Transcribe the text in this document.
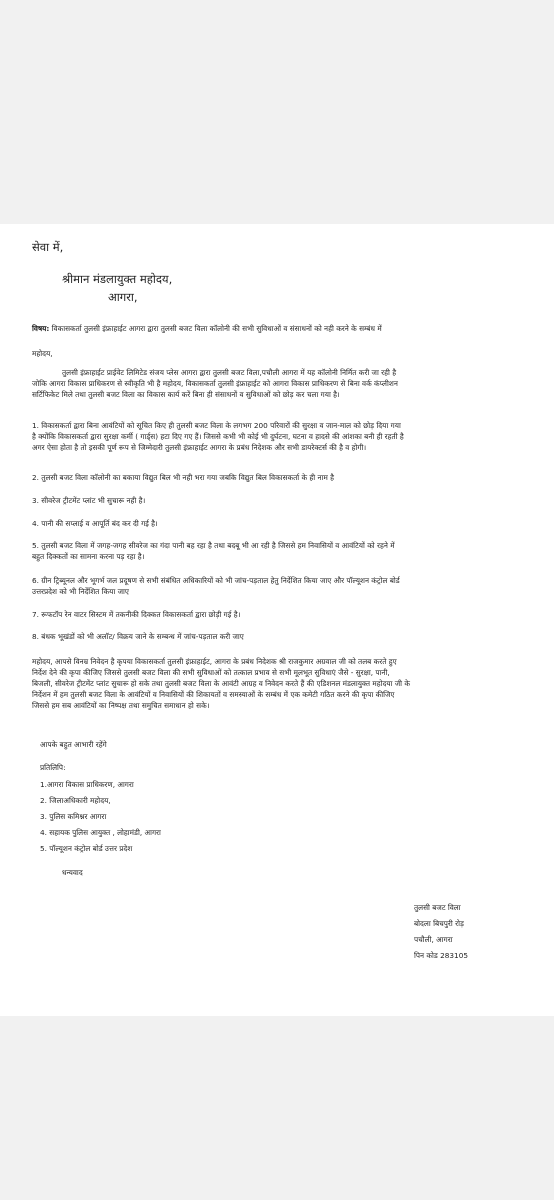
सेवा में,
श्रीमान मंडलायुक्त महोदय,
आगरा,
विषय: विकासकर्ता तुलसी इंफ्राहाईट आगरा द्वारा तुलसी बजट विला कॉलोनी की सभी सुविधाओं व संसाधनों को नही करने के सम्बंध में
महोदय,
तुलसी इंफ्राहाईट प्राईवेट लिमिटेड संजय प्लेस आगरा द्वारा तुलसी बजट विला,पचौली आगरा में यह कॉलोनी निर्मित करी जा रही है
जोकि आगरा विकास प्राधिकरण से स्वीकृति भी है महोदय, विकासकर्ता तुलसी इंफ्राहाईट को आगरा विकास प्राधिकरण से बिना वर्क कंप्लीशन
सर्टिफिकेट मिले तथा तुलसी बजट विला का विकास कार्य करें बिना ही संसाधनों व सुविधाओं को छोड़ कर चला गया है।
1. विकासकर्ता द्वारा बिना आवंटियों को सूचित किए ही तुलसी बजट विला के लगभग 200 परिवारों की सुरक्षा व जान-माल को छोड़ दिया गया
है क्योंकि विकासकर्ता द्वारा सुरक्षा कर्मी ( गार्ड्स) हटा दिए गए हैं। जिससे कभी भी कोई भी दुर्घटना, घटना व हादसे की आंशका बनी ही रहती है
अगर ऐसा होता है तो इसकी पूर्ण रूप से जिम्मेदारी तुलसी इंफ्राहाईट आगरा के प्रबंध निदेशक और सभी डायरेक्टर्स की है व होगी।
2. तुलसी बजट विला कॉलोनी का बकाया विद्युत बिल भी नही भरा गया जबकि विद्युत बिल विकासकर्ता के ही नाम है
3. सीवरेज ट्रीटमेंट प्लांट भी सुचारू नही है।
4. पानी की सप्लाई व आपूर्ति बंद कर दी गई है।
5. तुलसी बजट विला में जगह-जगह सीवरेज का गंदा पानी बह रहा है तथा बदबू भी आ रही है जिससे हम निवासियों व आवंटियों को रहने में
बहुत दिक्कतों का सामना करना पड़ रहा है।
6. ग्रीन ट्रिब्यूनल और भूगर्भ जल प्रदूषण से सभी संबंधित अधिकारियों को भी जांच-पड़ताल हेतु निर्देशित किया जाए और पॉल्यूशन कंट्रोल बोर्ड
उत्तरप्रदेश को भी निर्देशित किया जाए
7. रूफटॉप रेन वाटर सिस्टम में तकनीकी दिक्कत विकासकर्ता द्वारा छोड़ी गई है।
8. बंधक भूखंडों को भी अलॉट/ विक्रय जाने के सम्बन्ध में जांच-पड़ताल करी जाए
महोदय, आपसे विनम्र निवेदन है कृपया विकासकर्ता तुलसी इंफ्राहाईट, आगरा के प्रबंध निदेशक श्री राजकुमार अग्रवाल जी को तलब करते हुए
निर्देश देने की कृपा कीजिए जिससे तुलसी बजट विला की सभी सुविधाओं को तत्काल प्रभाव से सभी मूलभूत सुविधाएं जैसे - सुरक्षा, पानी,
बिजली, सीवरेज ट्रीटमेंट प्लांट सुचारू हो सके तथा तुलसी बजट विला के आवंटी आग्रह व निवेदन करते हैं की एडिशनल मंडलायुक्त महोदया जी के
निर्देशन में हम तुलसी बजट विला के आवंटियों व निवासियों की शिकायतों व समस्याओं के सम्बंध में एक कमेटी गठित करने की कृपा कीजिए
जिससे हम सब आवंटियों का निष्पक्ष तथा समुचित समाधान हो सके।
आपके बहुत आभारी रहेंगे
प्रतिलिपि:
1.आगरा विकास प्राधिकरण, आगरा
2. जिलाअधिकारी महोदय,
3. पुलिस कमिश्नर आगरा
4. सहायक पुलिस आयुक्त , लोहामंडी, आगरा
5. पॉल्यूशन कंट्रोल बोर्ड उत्तर प्रदेश
धन्यवाद
तुलसी बजट विला
बोदला बिचपुरी रोड़
पचौली, आगरा
पिन कोड 283105
